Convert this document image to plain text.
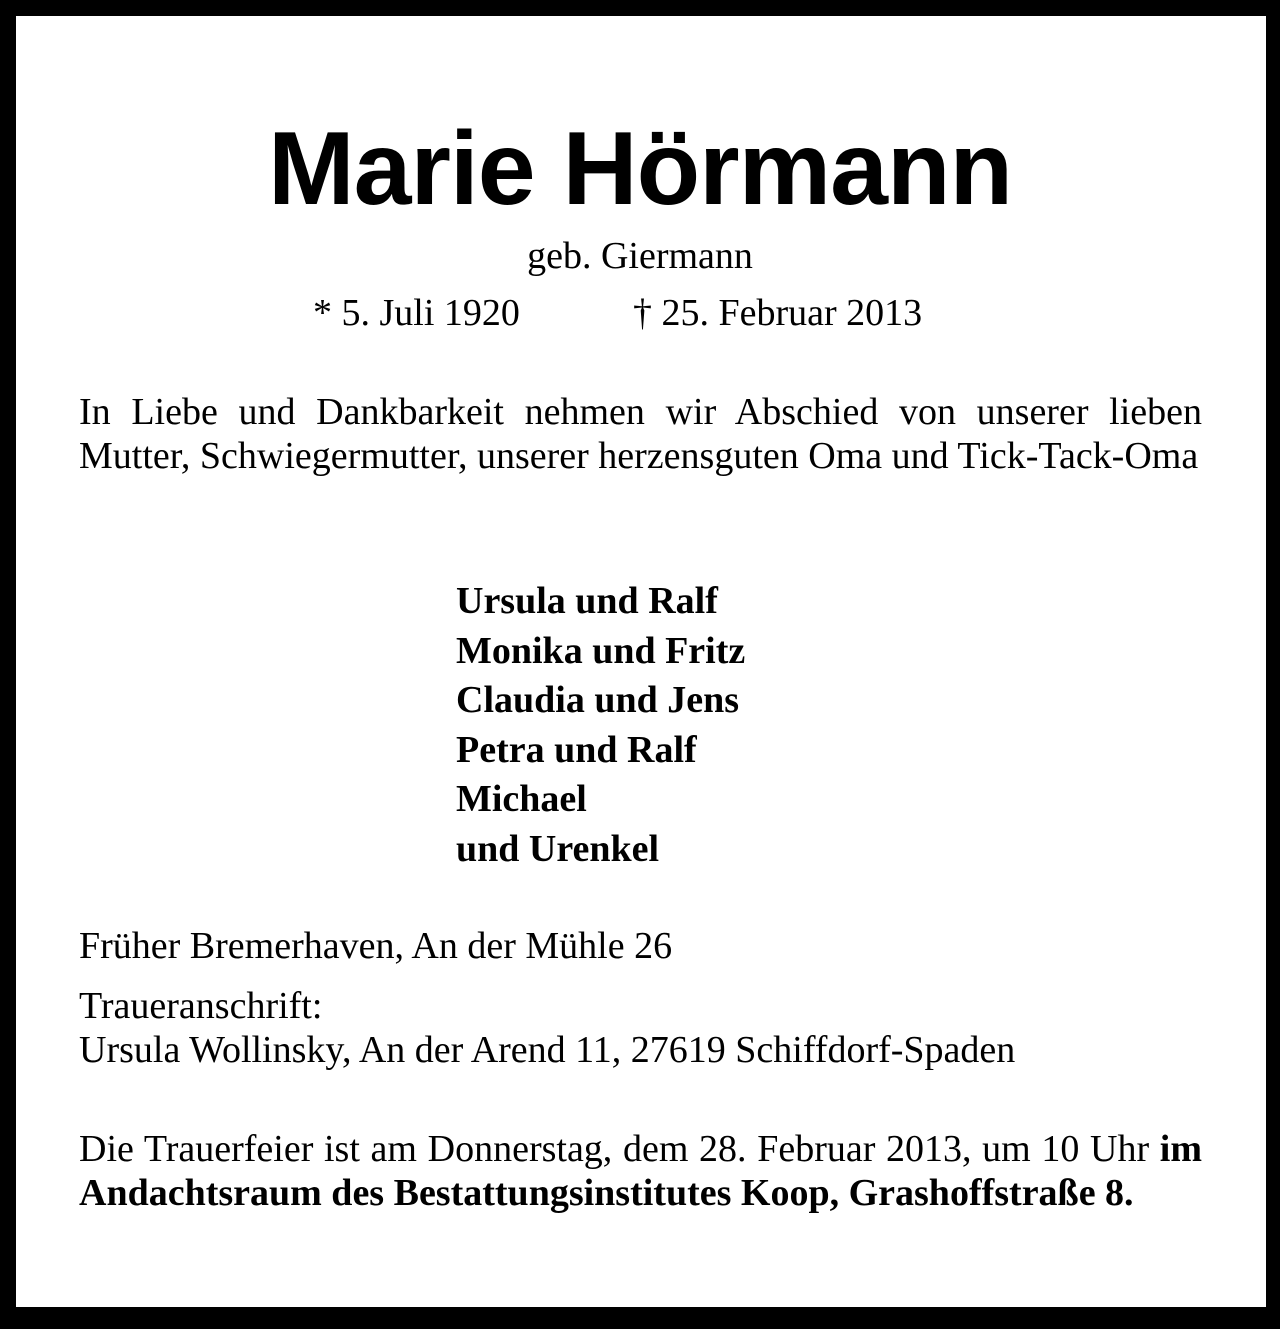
Marie Hörmann
geb. Giermann
* 5. Juli 1920	† 25. Februar 2013
In Liebe und Dankbarkeit nehmen wir Abschied von unserer lieben Mutter, Schwiegermutter, unserer herzensguten Oma und Tick-Tack-Oma
Ursula und Ralf
Monika und Fritz
Claudia und Jens
Petra und Ralf
Michael
und Urenkel
Früher Bremerhaven, An der Mühle 26
Traueranschrift:
Ursula Wollinsky, An der Arend 11, 27619 Schiffdorf-Spaden
Die Trauerfeier ist am Donnerstag, dem 28. Februar 2013, um 10 Uhr im Andachtsraum des Bestattungsinstitutes Koop, Grashoffstraße 8.
